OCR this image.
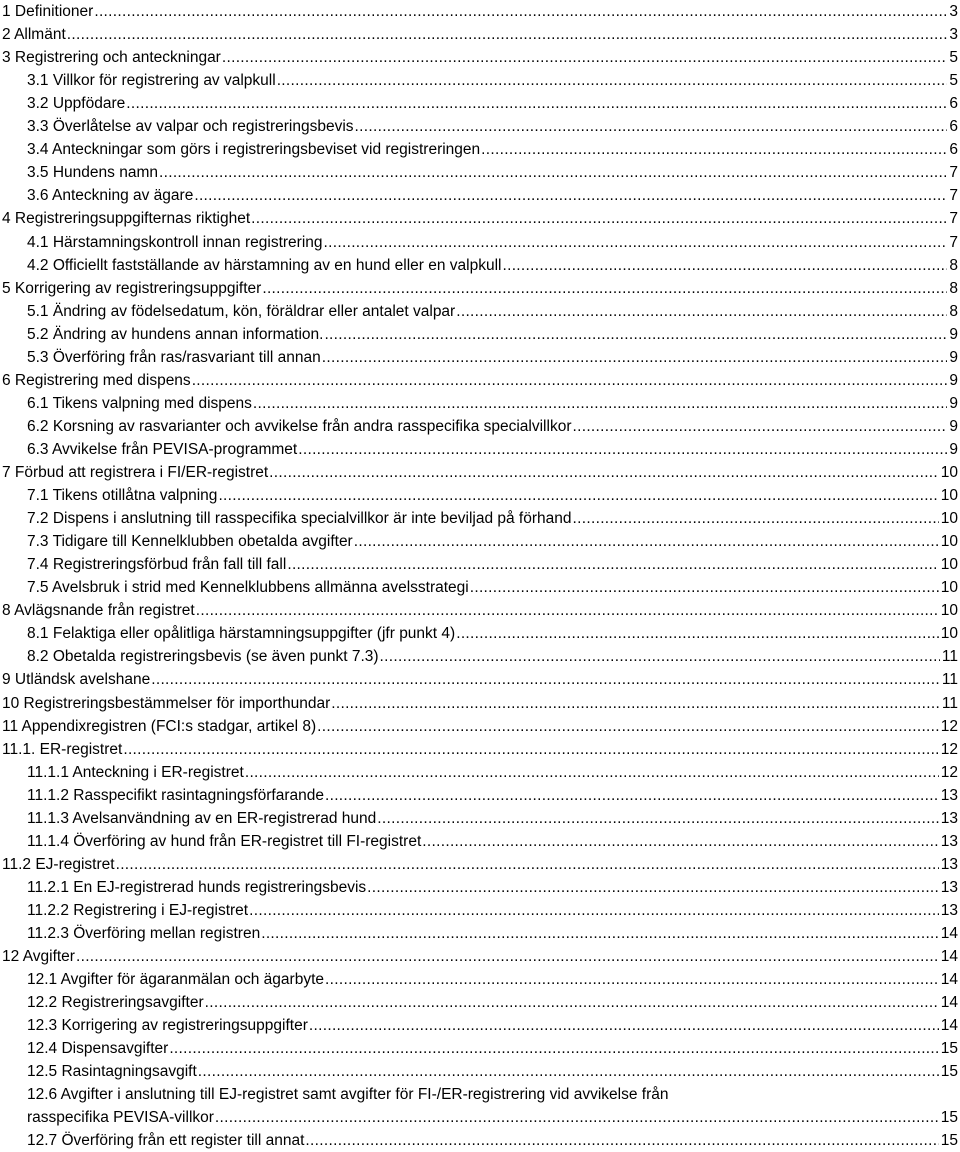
1 Definitioner . . .	3
2 Allmänt . . .	3
3 Registrering och anteckningar . . .	5
3.1 Villkor för registrering av valpkull . . .	5
3.2 Uppfödare . . .	6
3.3 Överlåtelse av valpar och registreringsbevis . . .	6
3.4 Anteckningar som görs i registreringsbeviset vid registreringen . . .	6
3.5 Hundens namn . . .	7
3.6 Anteckning av ägare . . .	7
4 Registreringsuppgifternas riktighet . . .	7
4.1 Härstamningskontroll innan registrering . . .	7
4.2 Officiellt fastställande av härstamning av en hund eller en valpkull . . .	8
5 Korrigering av registreringsuppgifter . . .	8
5.1 Ändring av födelsedatum, kön, föräldrar eller antalet valpar . . .	8
5.2 Ändring av hundens annan information. . . .	9
5.3 Överföring från ras/rasvariant till annan . . .	9
6 Registrering med dispens . . .	9
6.1 Tikens valpning med dispens . . .	9
6.2 Korsning av rasvarianter och avvikelse från andra rasspecifika specialvillkor . . .	9
6.3 Avvikelse från PEVISA-programmet . . .	9
7 Förbud att registrera i FI/ER-registret . . .	10
7.1 Tikens otillåtna valpning . . .	10
7.2 Dispens i anslutning till rasspecifika specialvillkor är inte beviljad på förhand . . .	10
7.3 Tidigare till Kennelklubben obetalda avgifter . . .	10
7.4 Registreringsförbud från fall till fall . . .	10
7.5 Avelsbruk i strid med Kennelklubbens allmänna avelsstrategi . . .	10
8 Avlägsnande från registret . . .	10
8.1 Felaktiga eller opålitliga härstamningsuppgifter (jfr punkt 4) . . .	10
8.2 Obetalda registreringsbevis (se även punkt 7.3) . . .	11
9 Utländsk avelshane . . .	11
10 Registreringsbestämmelser för importhundar . . .	11
11 Appendixregistren (FCI:s stadgar, artikel 8) . . .	12
11.1. ER-registret . . .	12
11.1.1 Anteckning i ER-registret . . .	12
11.1.2 Rasspecifikt rasintagningsförfarande . . .	13
11.1.3 Avelsanvändning av en ER-registrerad hund . . .	13
11.1.4 Överföring av hund från ER-registret till FI-registret . . .	13
11.2 EJ-registret . . .	13
11.2.1 En EJ-registrerad hunds registreringsbevis . . .	13
11.2.2 Registrering i EJ-registret . . .	13
11.2.3 Överföring mellan registren . . .	14
12 Avgifter . . .	14
12.1 Avgifter för ägaranmälan och ägarbyte . . .	14
12.2 Registreringsavgifter . . .	14
12.3 Korrigering av registreringsuppgifter . . .	14
12.4 Dispensavgifter . . .	15
12.5 Rasintagningsavgift . . .	15
12.6 Avgifter i anslutning till EJ-registret samt avgifter för FI-/ER-registrering vid avvikelse från
rasspecifika PEVISA-villkor . . .	15
12.7 Överföring från ett register till annat . . .	15
